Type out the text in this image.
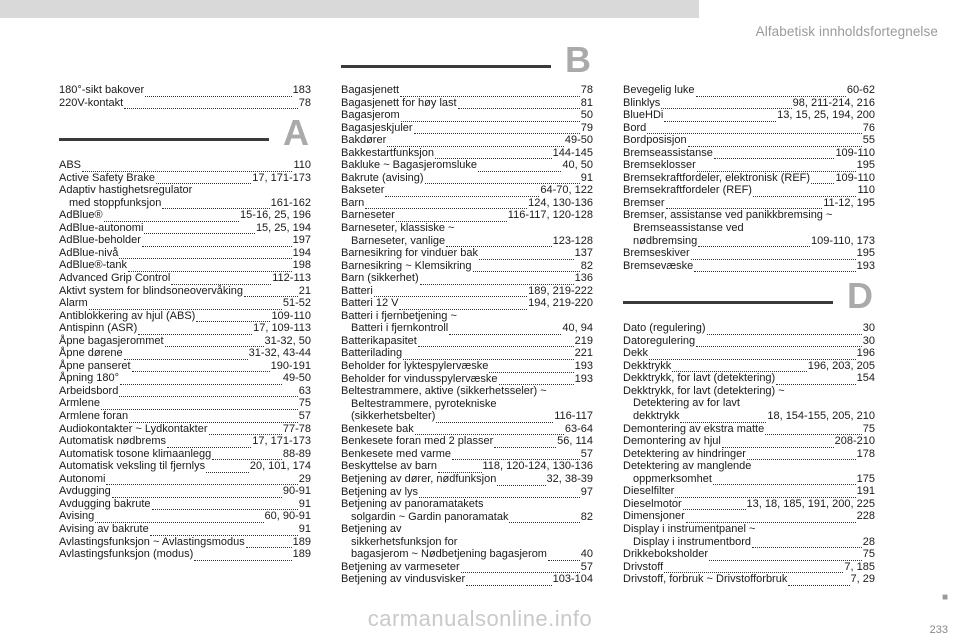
Alfabetisk innholdsfortegnelse
180°-sikt bakover	183
220V-kontakt	78
A
ABS	110
Active Safety Brake	17, 171-173
Adaptiv hastighetsregulator
med stoppfunksjon	161-162
AdBlue®	15-16, 25, 196
AdBlue-autonomi	15, 25, 194
AdBlue-beholder	197
AdBlue-nivå	194
AdBlue®-tank	198
Advanced Grip Control	112-113
Aktivt system for blindsoneovervåking	21
Alarm	51-52
Antiblokkering av hjul (ABS)	109-110
Antispinn (ASR)	17, 109-113
Åpne bagasjerommet	31-32, 50
Åpne dørene	31-32, 43-44
Åpne panseret	190-191
Åpning 180°	49-50
Arbeidsbord	63
Armlene	75
Armlene foran	57
Audiokontakter ~ Lydkontakter	77-78
Automatisk nødbrems	17, 171-173
Automatisk tosone klimaanlegg	88-89
Automatisk veksling til fjernlys	20, 101, 174
Autonomi	29
Avdugging	90-91
Avdugging bakrute	91
Avising	60, 90-91
Avising av bakrute	91
Avlastingsfunksjon ~ Avlastingsmodus	189
Avlastingsfunksjon (modus)	189
B
Bagasjenett	78
Bagasjenett for høy last	81
Bagasjerom	50
Bagasjeskjuler	79
Bakdører	49-50
Bakkestartfunksjon	144-145
Bakluke ~ Bagasjeromsluke	40, 50
Bakrute (avising)	91
Bakseter	64-70, 122
Barn	124, 130-136
Barneseter	116-117, 120-128
Barneseter, klassiske ~
Barneseter, vanlige	123-128
Barnesikring for vinduer bak	137
Barnesikring ~ Klemsikring	82
Barn (sikkerhet)	136
Batteri	189, 219-222
Batteri 12 V	194, 219-220
Batteri i fjernbetjening ~
Batteri i fjernkontroll	40, 94
Batterikapasitet	219
Batterilading	221
Beholder for lyktespylervæske	193
Beholder for vindusspylervæske	193
Beltestrammere, aktive (sikkerhetsseler) ~
Beltestrammere, pyrotekniske
(sikkerhetsbelter)	116-117
Benkesete bak	63-64
Benkesete foran med 2 plasser	56, 114
Benkesete med varme	57
Beskyttelse av barn	118, 120-124, 130-136
Betjening av dører, nødfunksjon	32, 38-39
Betjening av lys	97
Betjening av panoramatakets
solgardin ~ Gardin panoramatak	82
Betjening av
sikkerhetsfunksjon for
bagasjerom ~ Nødbetjening bagasjerom	40
Betjening av varmeseter	57
Betjening av vindusvisker	103-104
Bevegelig luke	60-62
Blinklys	98, 211-214, 216
BlueHDi	13, 15, 25, 194, 200
Bord	76
Bordposisjon	55
Bremseassistanse	109-110
Bremseklosser	195
Bremsekraftfordeler, elektronisk (REF) 109-110
Bremsekraftfordeler (REF)	110
Bremser	11-12, 195
Bremser, assistanse ved panikkbremsing ~
Bremseassistanse ved
nødbremsing	109-110, 173
Bremseskiver	195
Bremsevæske	193
D
Dato (regulering)	30
Datoregulering	30
Dekk	196
Dekktrykk	196, 203, 205
Dekktrykk, for lavt (detektering)	154
Dekktrykk, for lavt (detektering) ~
Detektering av for lavt
dekktrykk	18, 154-155, 205, 210
Demontering av ekstra matte	75
Demontering av hjul	208-210
Detektering av hindringer	178
Detektering av manglende
oppmerksomhet	175
Dieselfilter	191
Dieselmotor	13, 18, 185, 191, 200, 225
Dimensjoner	228
Display i instrumentpanel ~
Display i instrumentbord	28
Drikkeboksholder	75
Drivstoff	7, 185
Drivstoff, forbruk ~ Drivstofforbruk	7, 29
■
233
carmanualsonline.info
